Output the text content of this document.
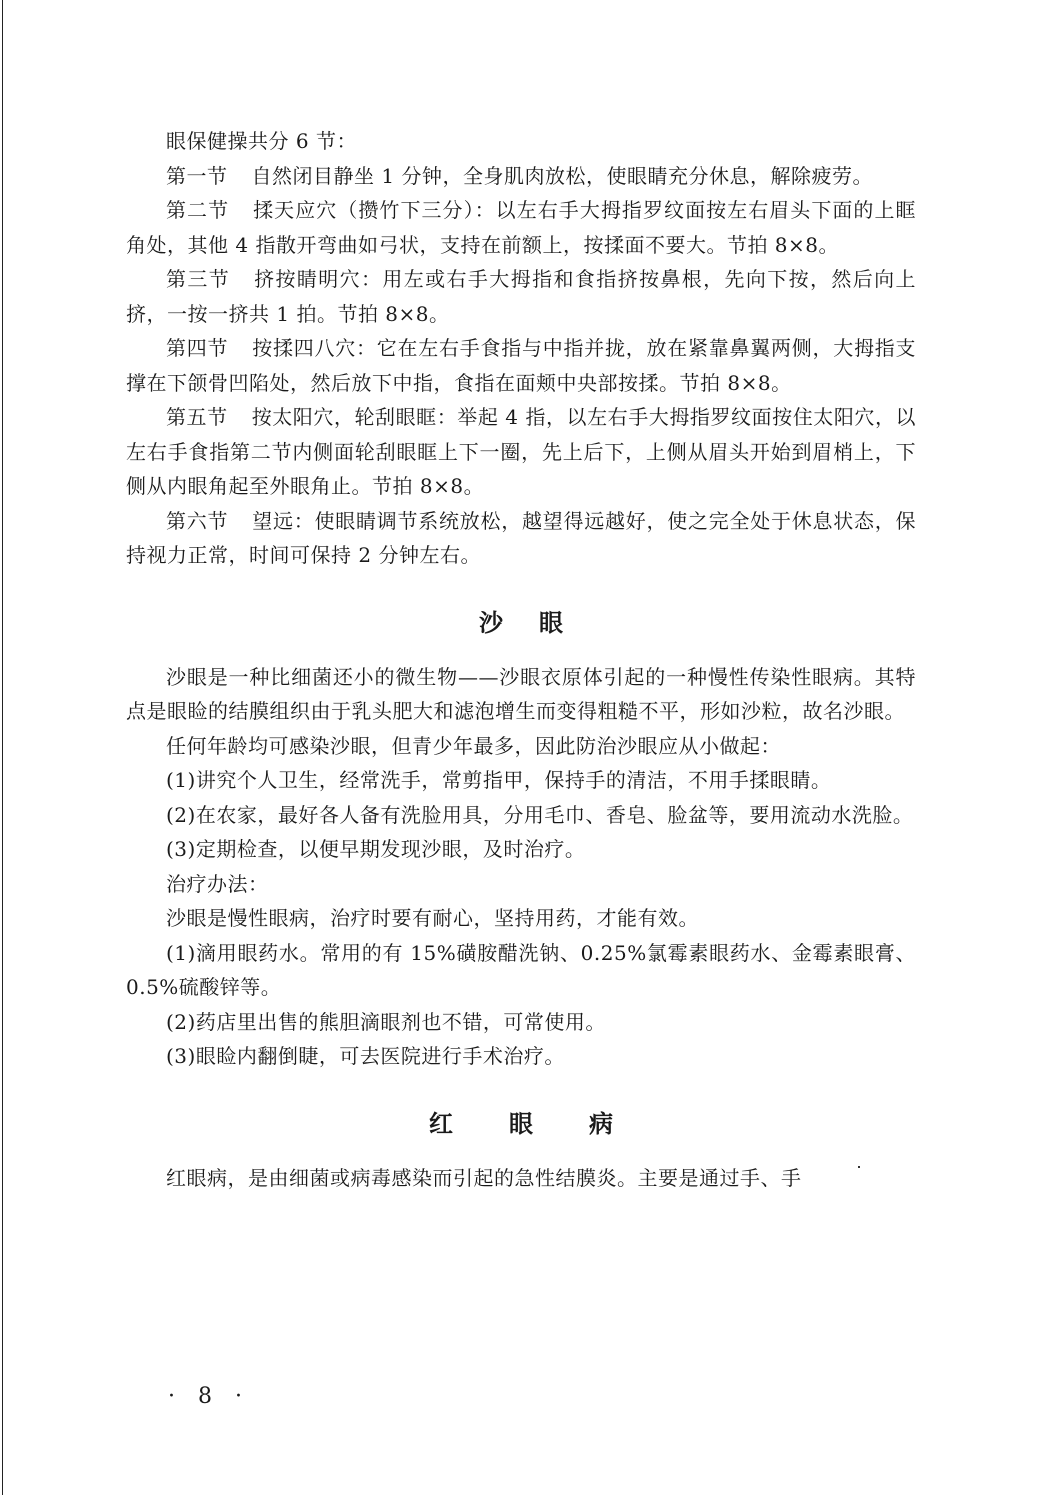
眼保健操共分 6 节：

第一节 自然闭目静坐 1 分钟，全身肌肉放松，使眼睛充分休息，解除疲劳。

第二节 揉天应穴（攒竹下三分）：以左右手大拇指罗纹面按左右眉头下面的上眶角处，其他 4 指散开弯曲如弓状，支持在前额上，按揉面不要大。节拍 8×8。

第三节 挤按睛明穴：用左或右手大拇指和食指挤按鼻根，先向下按，然后向上挤，一按一挤共 1 拍。节拍 8×8。

第四节 按揉四八穴：它在左右手食指与中指并拢，放在紧靠鼻翼两侧，大拇指支撑在下颌骨凹陷处，然后放下中指，食指在面颊中央部按揉。节拍 8×8。

第五节 按太阳穴，轮刮眼眶：举起 4 指，以左右手大拇指罗纹面按住太阳穴，以左右手食指第二节内侧面轮刮眼眶上下一圈，先上后下，上侧从眉头开始到眉梢上，下侧从内眼角起至外眼角止。节拍 8×8。

第六节 望远：使眼睛调节系统放松，越望得远越好，使之完全处于休息状态，保持视力正常，时间可保持 2 分钟左右。

沙 眼

沙眼是一种比细菌还小的微生物——沙眼衣原体引起的一种慢性传染性眼病。其特点是眼睑的结膜组织由于乳头肥大和滤泡增生而变得粗糙不平，形如沙粒，故名沙眼。

任何年龄均可感染沙眼，但青少年最多，因此防治沙眼应从小做起：

(1)讲究个人卫生，经常洗手，常剪指甲，保持手的清洁，不用手揉眼睛。

(2)在农家，最好各人备有洗脸用具，分用毛巾、香皂、脸盆等，要用流动水洗脸。

(3)定期检查，以便早期发现沙眼，及时治疗。

治疗办法：

沙眼是慢性眼病，治疗时要有耐心，坚持用药，才能有效。

(1)滴用眼药水。常用的有 15%磺胺醋洗钠、0.25%氯霉素眼药水、金霉素眼膏、0.5%硫酸锌等。

(2)药店里出售的熊胆滴眼剂也不错，可常使用。

(3)眼睑内翻倒睫，可去医院进行手术治疗。

红 眼 病

红眼病，是由细菌或病毒感染而引起的急性结膜炎。主要是通过手、手

· 8 ·
